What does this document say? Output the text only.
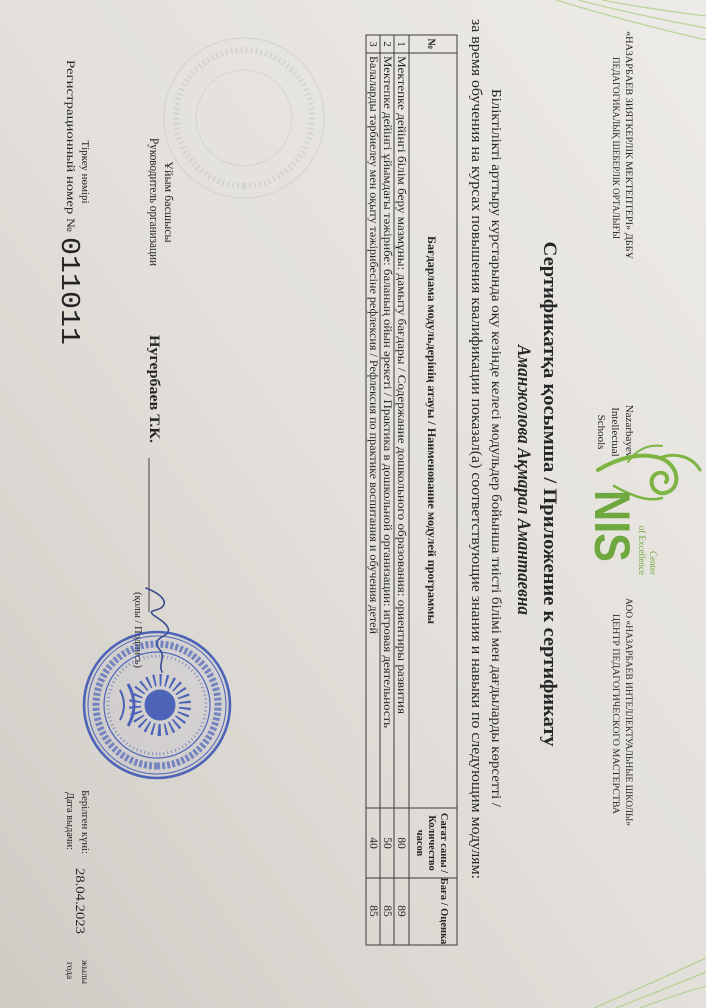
«НАЗАРБАЕВ ЗИЯТКЕРЛІК МЕКТЕПТЕРІ» ДББҰ
ПЕДАГОГИКАЛЫҚ ШЕБЕРЛІК ОРТАЛЫҒЫ
Nazarbayev
Intellectual
Schools
Center
of Excellence
NIS
АОО «НАЗАРБАЕВ ИНТЕЛЛЕКТУАЛЬНЫЕ ШКОЛЫ»
ЦЕНТР ПЕДАГОГИЧЕСКОГО МАСТЕРСТВА
Сертификатқа қосымша / Приложение к сертификату
Аманжолова Ақмарал Амантаевна
Біліктілікті арттыру курстарында оқу кезінде келесі модульдер бойынша тиісті білімі мен дағдыларды көрсетті /
за время обучения на курсах повышения квалификации показал(а) соответствующие знания и навыки по следующим модулям:
№
Бағдарлама модульдерінің атауы / Наименование модулей программы
Сағат саны /
Количество
часов
Баға / Оценка
1
Мектепке дейінгі білім беру мазмұны: дамыту бағдары / Содержание дошкольного образования: ориентиры развития
80
89
2
Мектепке дейінгі ұйымдағы тәжірибе: баланың ойын әрекеті / Практика в дошкольной организации: игровая деятельность
50
85
3
Балаларды тәрбиелеу мен оқыту тәжірибесіне рефлексия / Рефлексия по практике воспитания и обучения детей
40
85
Ұйым басшысы
Руководитель организации
Нугербаев Т.К.
(қолы / Подпись)
Тіркеу нөмірі
Регистрационный номер №
011011
Берілген күні:
Дата выдачи:
28.04.2023
жылы
года
